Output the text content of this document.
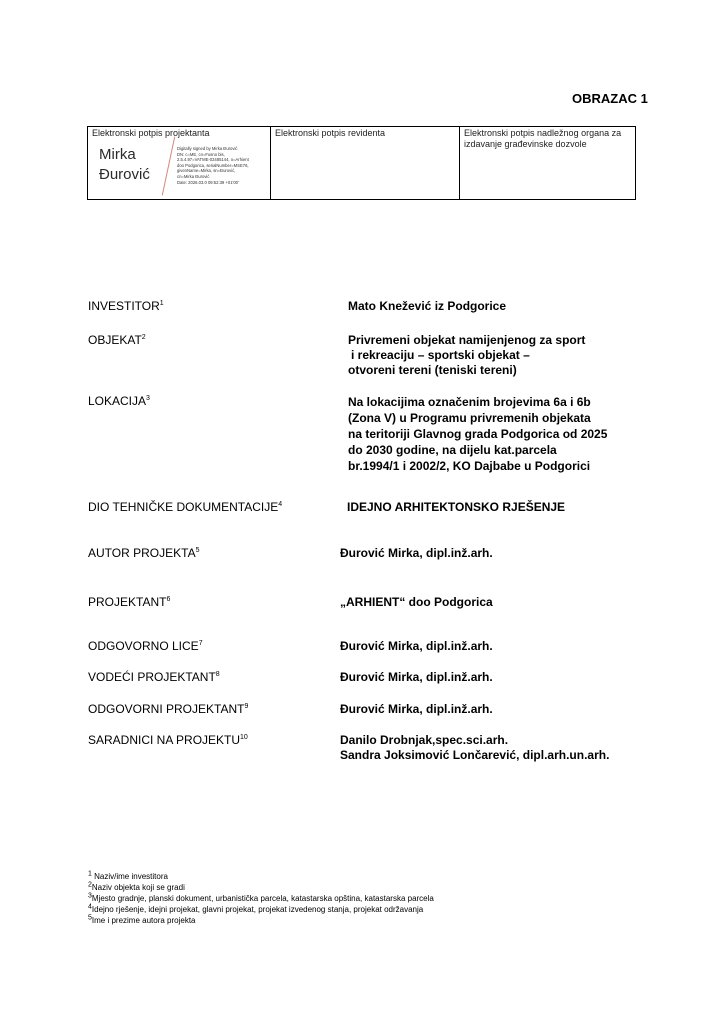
OBRAZAC 1
Elektronski potpis projektanta	Elektronski potpis revidenta	Elektronski potpis nadležnog organa za izdavanje građevinske dozvole
Mirka
Đurović
Digitally signed by Mirka Đurović
DN: c=ME, cn=Fusno bis,
2.5.4.97=VATME-02485144, o=Arhient
doo Podgorica, serialNumber=MSE76,
givenName=Mirka, sn=Đurović,
cn=Mirka Đurović
Date: 2026.03.0 09:52:39 +01'00'
INVESTITOR$^1$	Mato Knežević iz Podgorice
OBJEKAT$^2$	Privremeni objekat namijenjenog za sport
i rekreaciju – sportski objekat –
otvoreni tereni (teniski tereni)
LOKACIJA$^3$	Na lokacijima označenim brojevima 6a i 6b
(Zona V) u Programu privremenih objekata
na teritoriji Glavnog grada Podgorica od 2025
do 2030 godine, na dijelu kat.parcela
br.1994/1 i 2002/2, KO Dajbabe u Podgorici
DIO TEHNIČKE DOKUMENTACIJE$^4$	IDEJNO ARHITEKTONSKO RJEŠENJE
AUTOR PROJEKTA$^5$	Đurović Mirka, dipl.inž.arh.
PROJEKTANT$^6$	„ARHIENT“ doo Podgorica
ODGOVORNO LICE$^7$	Đurović Mirka, dipl.inž.arh.
VODEĆI PROJEKTANT$^8$	Đurović Mirka, dipl.inž.arh.
ODGOVORNI PROJEKTANT$^9$	Đurović Mirka, dipl.inž.arh.
SARADNICI NA PROJEKTU$^{10}$	Danilo Drobnjak,spec.sci.arh.
Sandra Joksimović Lončarević, dipl.arh.un.arh.
$^1$ Naziv/ime investitora
$^2$Naziv objekta koji se gradi
$^3$Mjesto gradnje, planski dokument, urbanistička parcela, katastarska opština, katastarska parcela
$^4$Idejno rješenje, idejni projekat, glavni projekat, projekat izvedenog stanja, projekat održavanja
$^5$Ime i prezime autora projekta
